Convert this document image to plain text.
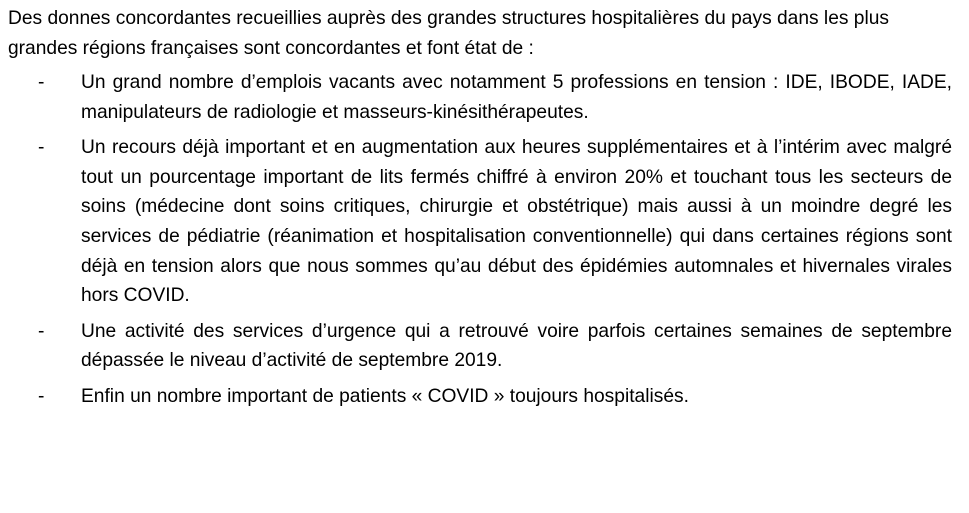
Des donnes concordantes recueillies auprès des grandes structures hospitalières du pays dans les plus grandes régions françaises sont concordantes et font état de :

- Un grand nombre d’emplois vacants avec notamment 5 professions en tension : IDE, IBODE, IADE, manipulateurs de radiologie et masseurs-kinésithérapeutes.
- Un recours déjà important et en augmentation aux heures supplémentaires et à l’intérim avec malgré tout un pourcentage important de lits fermés chiffré à environ 20% et touchant tous les secteurs de soins (médecine dont soins critiques, chirurgie et obstétrique) mais aussi à un moindre degré les services de pédiatrie (réanimation et hospitalisation conventionnelle) qui dans certaines régions sont déjà en tension alors que nous sommes qu’au début des épidémies automnales et hivernales virales hors COVID.
- Une activité des services d’urgence qui a retrouvé voire parfois certaines semaines de septembre dépassée le niveau d’activité de septembre 2019.
- Enfin un nombre important de patients « COVID » toujours hospitalisés.
